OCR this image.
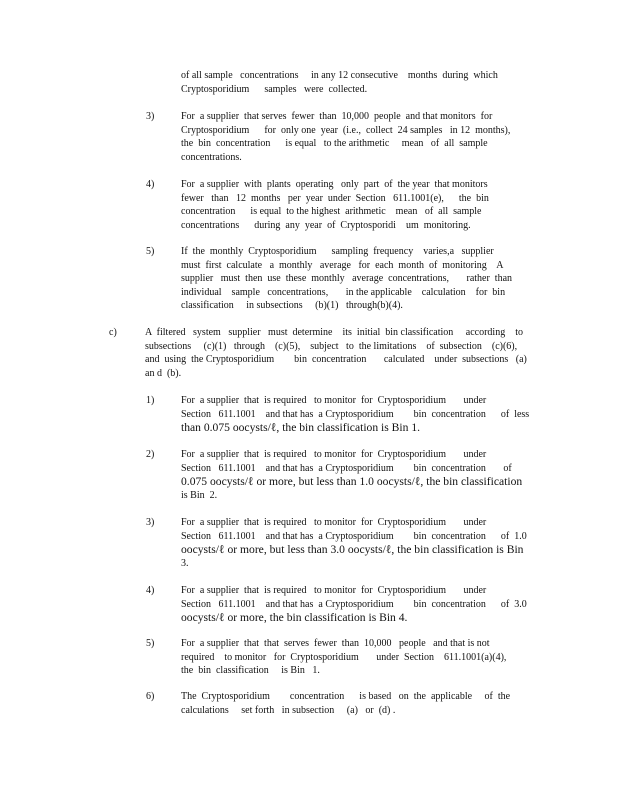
of all sample   concentrations     in any 12 consecutive    months  during  which
Cryptosporidium      samples   were  collected.
3)	For  a supplier  that serves  fewer  than  10,000  people  and that monitors  for
Cryptosporidium      for  only one  year  (i.e.,  collect  24 samples   in 12  months),
the  bin  concentration      is equal   to the arithmetic     mean   of  all  sample
concentrations.
4)	For  a supplier  with  plants  operating   only  part  of  the year  that monitors
fewer   than   12  months   per  year  under  Section   611.1001(e),      the  bin
concentration      is equal  to the highest  arithmetic    mean   of  all  sample
concentrations      during  any  year  of  Cryptosporidi    um  monitoring.
5)	If  the  monthly  Cryptosporidium      sampling  frequency    varies,a   supplier
must  first  calculate   a  monthly   average   for  each  month  of  monitoring    A
supplier   must  then  use  these  monthly   average  concentrations,       rather  than
individual    sample   concentrations,       in the applicable    calculation    for  bin
classification     in subsections     (b)(1)   through(b)(4).
c)	A  filtered   system   supplier   must  determine    its  initial  bin classification     according    to
subsections     (c)(1)   through    (c)(5),    subject   to  the limitations    of  subsection    (c)(6),
and  using  the Cryptosporidium        bin  concentration       calculated    under  subsections   (a)
an d  (b).
1)	For  a supplier  that  is required   to monitor  for  Cryptosporidium       under
Section   611.1001    and that has  a Cryptosporidium        bin  concentration      of  less
than 0.075 oocysts/ℓ, the bin classification is Bin 1.
2)	For  a supplier  that  is required   to monitor  for  Cryptosporidium       under
Section   611.1001    and that has  a Cryptosporidium        bin  concentration       of
0.075 oocysts/ℓ or more, but less than 1.0 oocysts/ℓ, the bin classification
is Bin  2.
3)	For  a supplier  that  is required   to monitor  for  Cryptosporidium       under
Section   611.1001    and that has  a Cryptosporidium        bin  concentration      of  1.0
oocysts/ℓ or more, but less than 3.0 oocysts/ℓ, the bin classification is Bin
3.
4)	For  a supplier  that  is required   to monitor  for  Cryptosporidium       under
Section   611.1001    and that has  a Cryptosporidium        bin  concentration      of  3.0
oocysts/ℓ or more, the bin classification is Bin 4.
5)	For  a supplier  that  that  serves  fewer  than  10,000   people   and that is not
required    to monitor   for  Cryptosporidium       under  Section    611.1001(a)(4),
the  bin  classification     is Bin   1.
6)	The  Cryptosporidium        concentration      is based   on  the  applicable     of  the
calculations     set forth   in subsection     (a)   or  (d) .
